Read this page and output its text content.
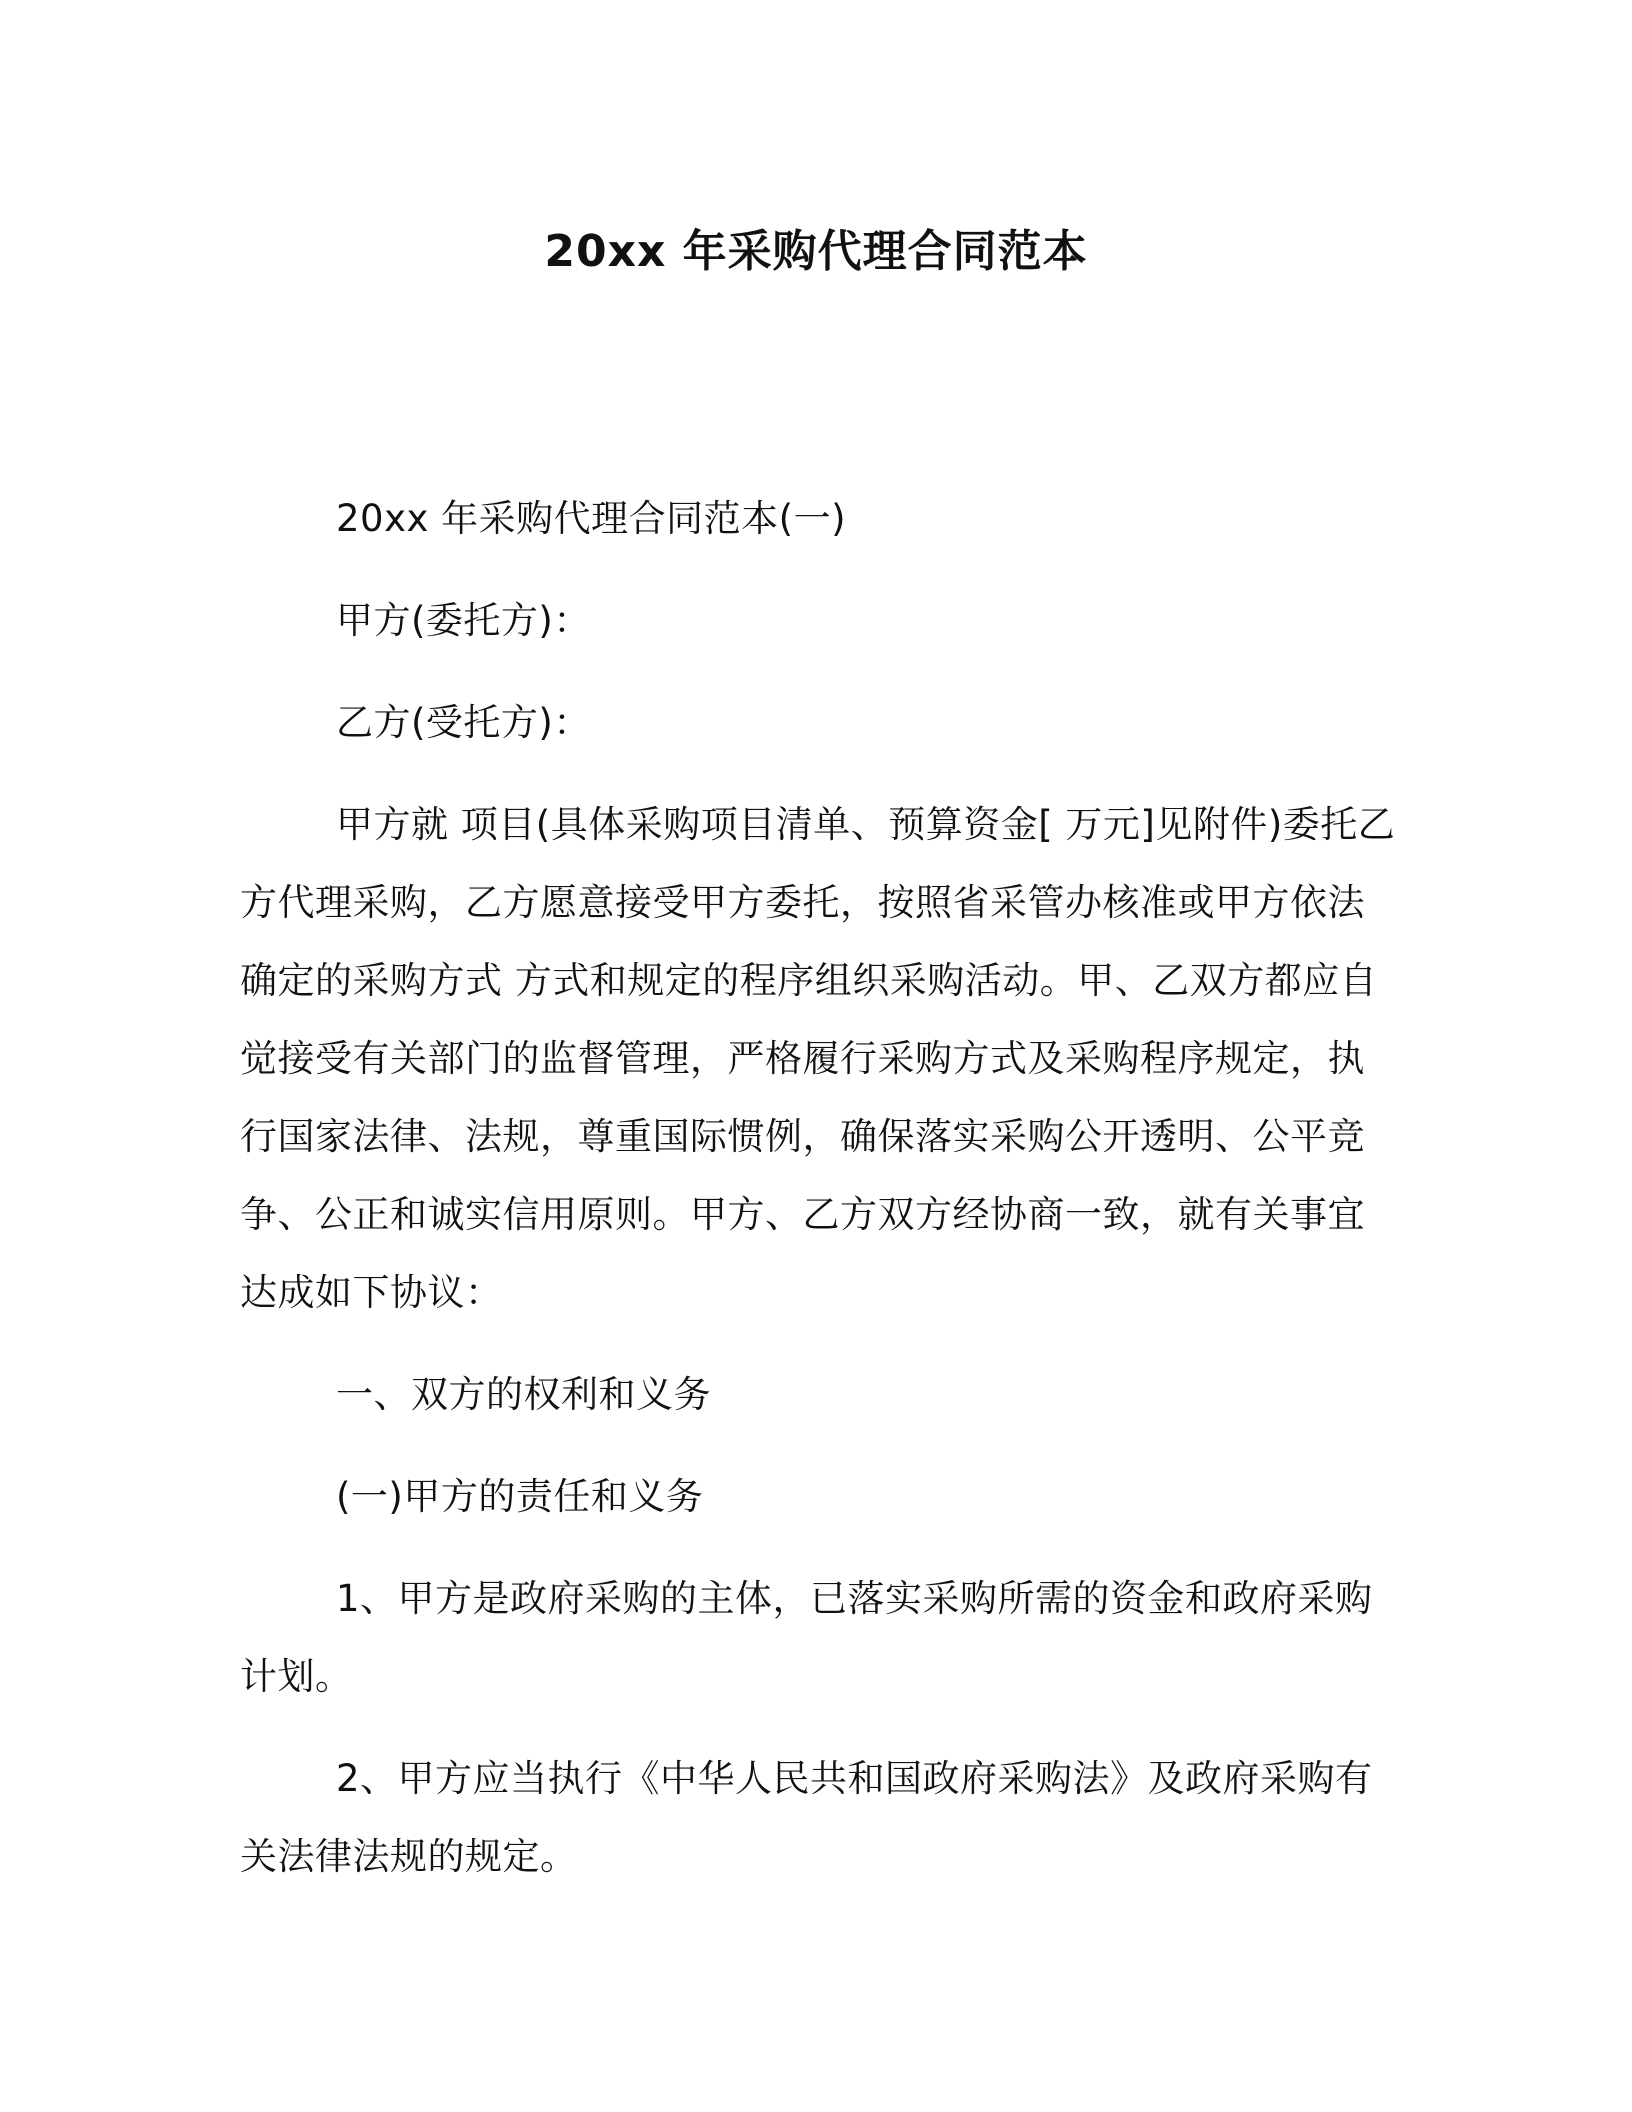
20xx 年采购代理合同范本

20xx 年采购代理合同范本(一)

甲方(委托方)：

乙方(受托方)：

甲方就 项目(具体采购项目清单、预算资金[ 万元]见附件)委托乙方代理采购，乙方愿意接受甲方委托，按照省采管办核准或甲方依法确定的采购方式 方式和规定的程序组织采购活动。甲、乙双方都应自觉接受有关部门的监督管理，严格履行采购方式及采购程序规定，执行国家法律、法规，尊重国际惯例，确保落实采购公开透明、公平竞争、公正和诚实信用原则。甲方、乙方双方经协商一致，就有关事宜达成如下协议：

一、双方的权利和义务

(一)甲方的责任和义务

1、甲方是政府采购的主体，已落实采购所需的资金和政府采购计划。

2、甲方应当执行《中华人民共和国政府采购法》及政府采购有关法律法规的规定。
